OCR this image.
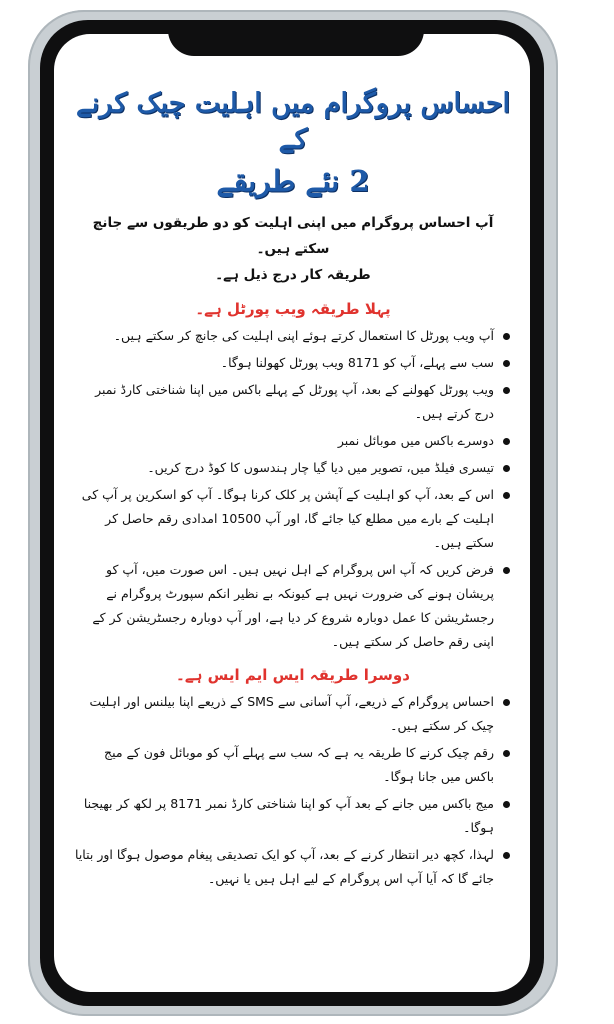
احساس پروگرام میں اہلیت چیک کرنے کے
2 نئے طریقے

آپ احساس پروگرام میں اپنی اہلیت کو دو طریقوں سے جانچ سکتے ہیں۔

طریقہ کار درج ذیل ہے۔

پہلا طریقہ ویب پورٹل ہے۔
آپ ویب پورٹل کا استعمال کرتے ہوئے اپنی اہلیت کی جانچ کر سکتے ہیں۔
سب سے پہلے، آپ کو 8171 ویب پورٹل کھولنا ہوگا۔
ویب پورٹل کھولنے کے بعد، آپ پورٹل کے پہلے باکس میں اپنا شناختی کارڈ نمبر درج کرتے ہیں۔
دوسرے باکس میں موبائل نمبر
تیسری فیلڈ میں، تصویر میں دیا گیا چار ہندسوں کا کوڈ درج کریں۔
اس کے بعد، آپ کو اہلیت کے آپشن پر کلک کرنا ہوگا۔ آپ کو اسکرین پر آپ کی اہلیت کے بارے میں مطلع کیا جائے گا، اور آپ 10500 امدادی رقم حاصل کر سکتے ہیں۔
فرض کریں کہ آپ اس پروگرام کے اہل نہیں ہیں۔ اس صورت میں، آپ کو پریشان ہونے کی ضرورت نہیں ہے کیونکہ بے نظیر انکم سپورٹ پروگرام نے رجسٹریشن کا عمل دوبارہ شروع کر دیا ہے، اور آپ دوبارہ رجسٹریشن کر کے اپنی رقم حاصل کر سکتے ہیں۔
دوسرا طریقہ ایس ایم ایس ہے۔
احساس پروگرام کے ذریعے، آپ آسانی سے SMS کے ذریعے اپنا بیلنس اور اہلیت چیک کر سکتے ہیں۔
رقم چیک کرنے کا طریقہ یہ ہے کہ سب سے پہلے آپ کو موبائل فون کے میج باکس میں جانا ہوگا۔
میج باکس میں جانے کے بعد آپ کو اپنا شناختی کارڈ نمبر 8171 پر لکھ کر بھیجنا ہوگا۔
لہذا، کچھ دیر انتظار کرنے کے بعد، آپ کو ایک تصدیقی پیغام موصول ہوگا اور بتایا جائے گا کہ آیا آپ اس پروگرام کے لیے اہل ہیں یا نہیں۔
